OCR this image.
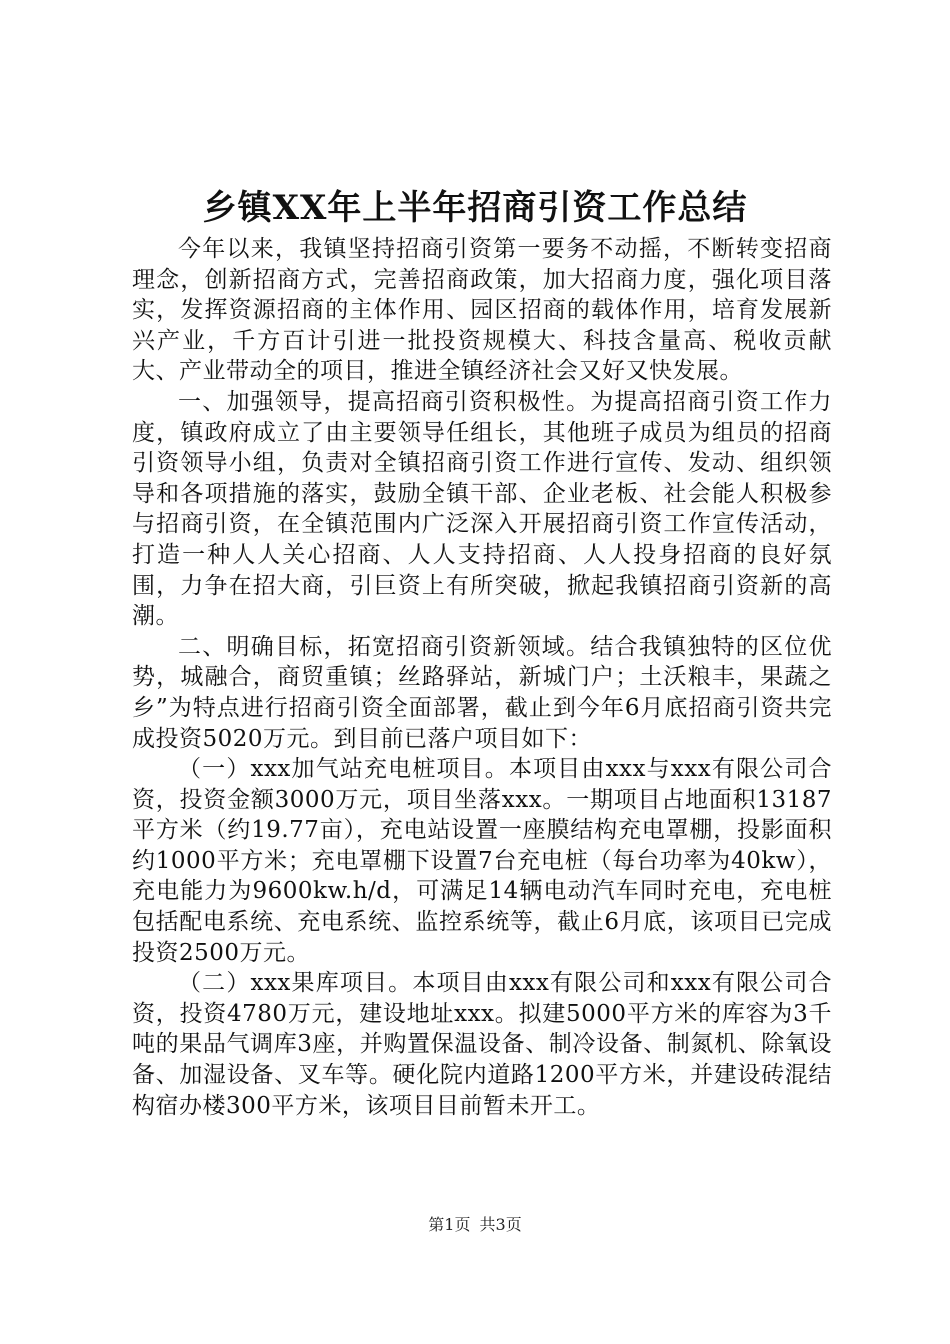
乡镇XX年上半年招商引资工作总结

今年以来，我镇坚持招商引资第一要务不动摇，不断转变招商理念，创新招商方式，完善招商政策，加大招商力度，强化项目落实，发挥资源招商的主体作用、园区招商的载体作用，培育发展新兴产业，千方百计引进一批投资规模大、科技含量高、税收贡献大、产业带动全的项目，推进全镇经济社会又好又快发展。

一、加强领导，提高招商引资积极性。为提高招商引资工作力度，镇政府成立了由主要领导任组长，其他班子成员为组员的招商引资领导小组，负责对全镇招商引资工作进行宣传、发动、组织领导和各项措施的落实，鼓励全镇干部、企业老板、社会能人积极参与招商引资，在全镇范围内广泛深入开展招商引资工作宣传活动，打造一种人人关心招商、人人支持招商、人人投身招商的良好氛围，力争在招大商，引巨资上有所突破，掀起我镇招商引资新的高潮。

二、明确目标，拓宽招商引资新领域。结合我镇独特的区位优势，城融合，商贸重镇；丝路驿站，新城门户；土沃粮丰，果蔬之乡”为特点进行招商引资全面部署，截止到今年6月底招商引资共完成投资5020万元。到目前已落户项目如下：

（一）xxx加气站充电桩项目。本项目由xxx与xxx有限公司合资，投资金额3000万元，项目坐落xxx。一期项目占地面积13187平方米（约19.77亩），充电站设置一座膜结构充电罩棚，投影面积约1000平方米；充电罩棚下设置7台充电桩（每台功率为40kw），充电能力为9600kw.h/d，可满足14辆电动汽车同时充电，充电桩包括配电系统、充电系统、监控系统等，截止6月底，该项目已完成投资2500万元。

（二）xxx果库项目。本项目由xxx有限公司和xxx有限公司合资，投资4780万元，建设地址xxx。拟建5000平方米的库容为3千吨的果品气调库3座，并购置保温设备、制冷设备、制氮机、除氧设备、加湿设备、叉车等。硬化院内道路1200平方米，并建设砖混结构宿办楼300平方米，该项目目前暂未开工。

第1页 共3页
